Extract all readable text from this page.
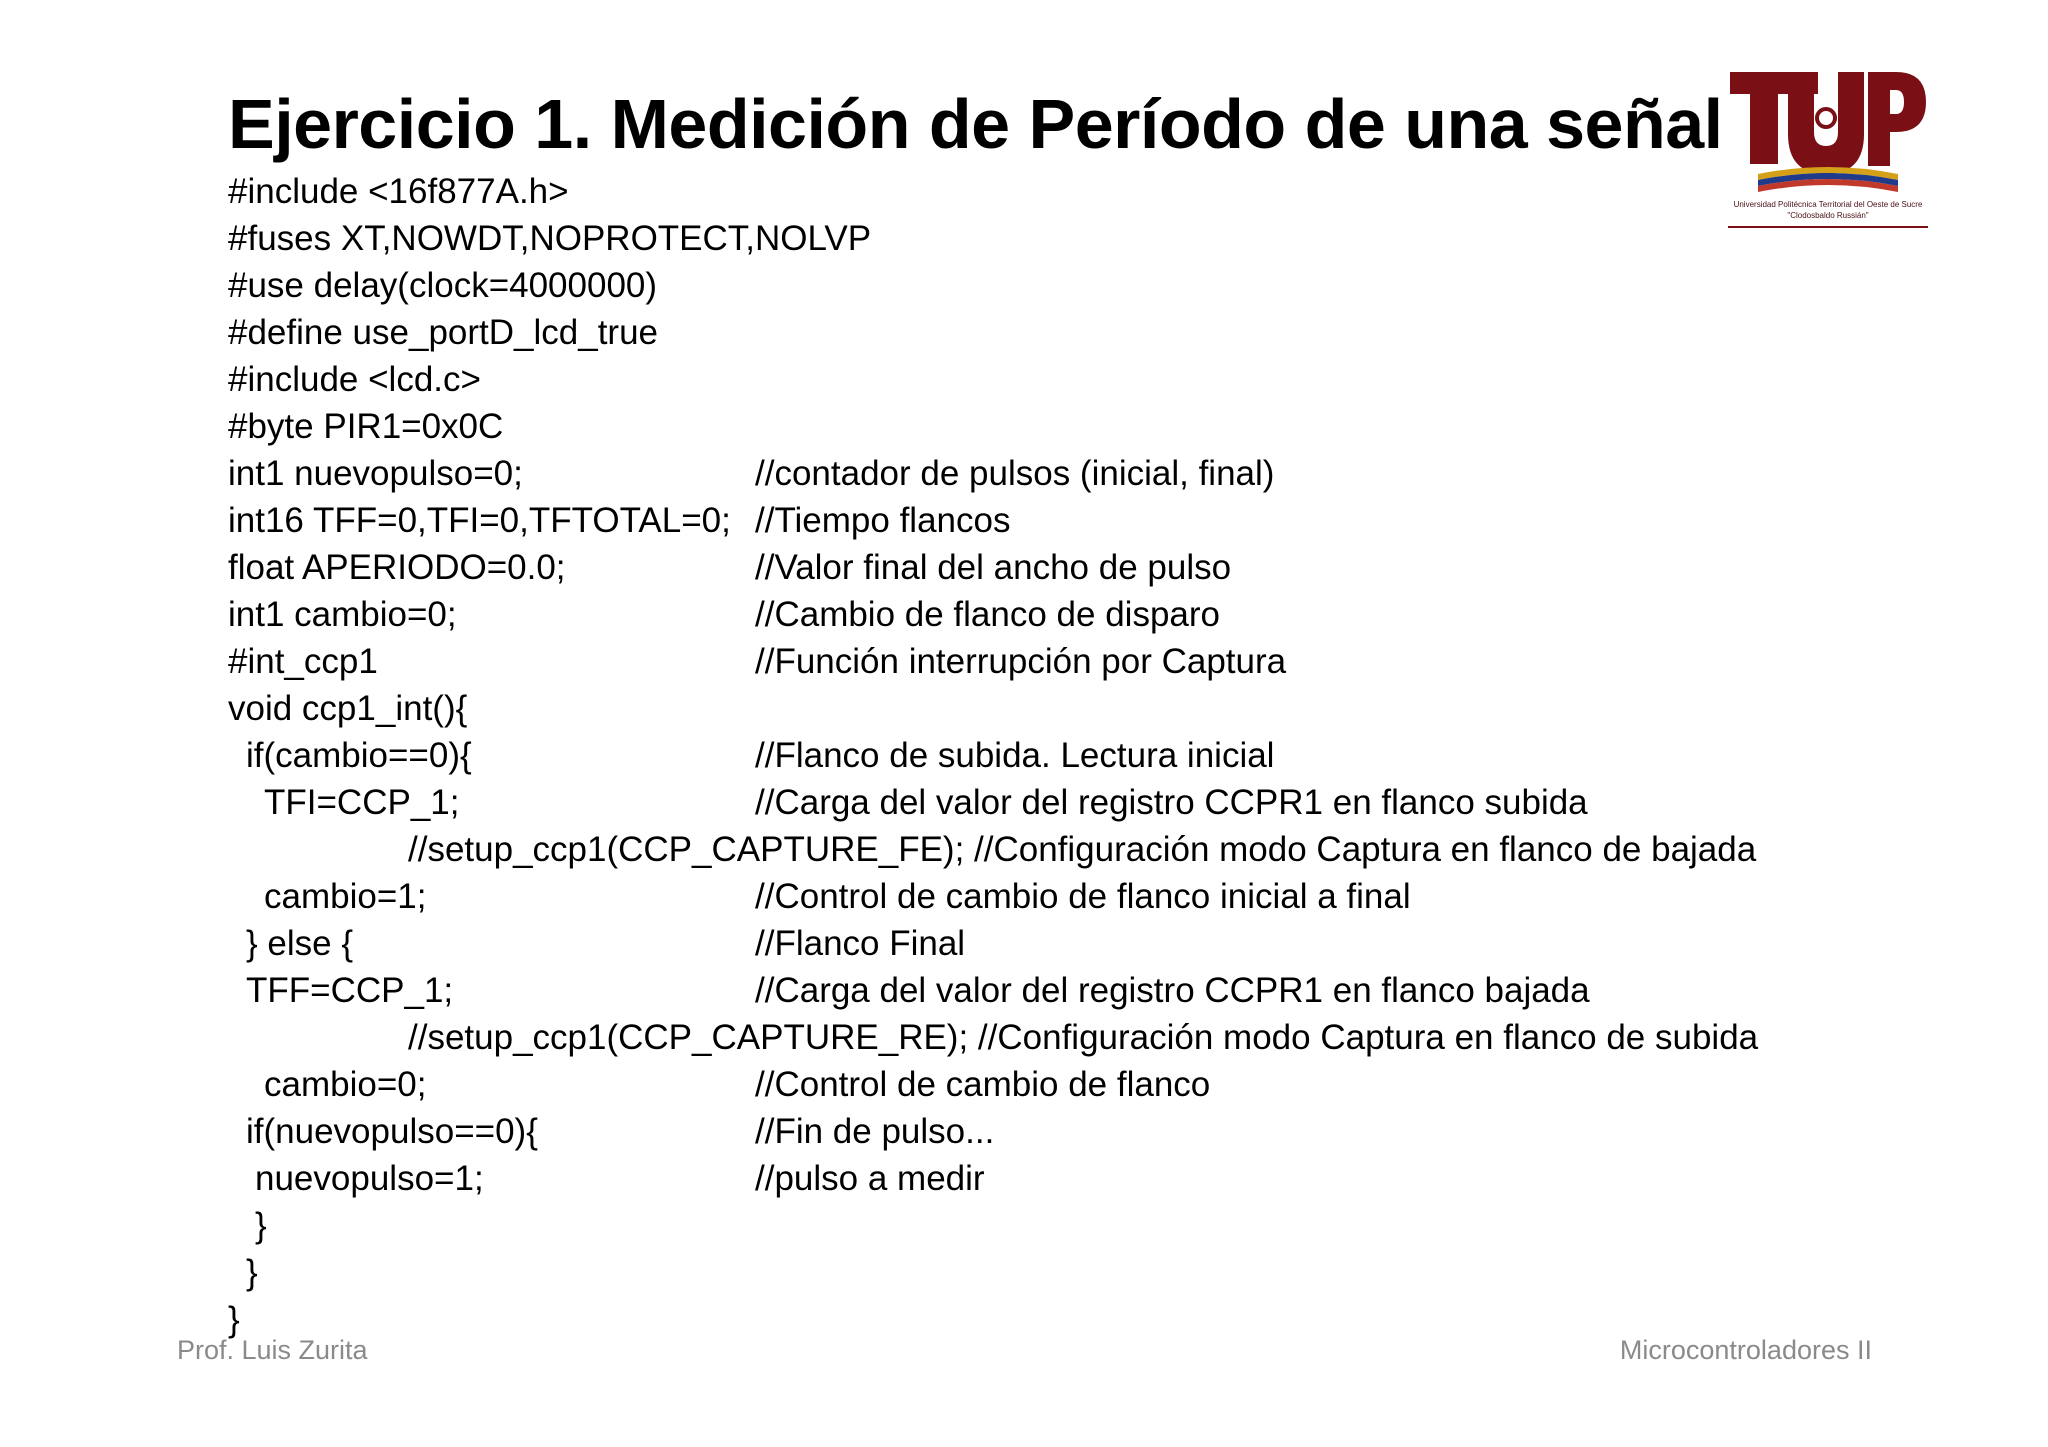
Ejercicio 1. Medición de Período de una señal
Universidad Politécnica Territorial del Oeste de Sucre
"Clodosbaldo Russián"
#include <16f877A.h>
#fuses XT,NOWDT,NOPROTECT,NOLVP
#use delay(clock=4000000)
#define use_portD_lcd_true
#include <lcd.c>
#byte PIR1=0x0C
int1 nuevopulso=0;	//contador de pulsos (inicial, final)
int16 TFF=0,TFI=0,TFTOTAL=0; //Tiempo flancos
float APERIODO=0.0;	//Valor final del ancho de pulso
int1 cambio=0;	//Cambio de flanco de disparo
#int_ccp1	//Función interrupción por Captura
void ccp1_int(){
if(cambio==0){	//Flanco de subida. Lectura inicial
TFI=CCP_1;	//Carga del valor del registro CCPR1 en flanco subida
//setup_ccp1(CCP_CAPTURE_FE); //Configuración modo Captura en flanco de bajada
cambio=1;	//Control de cambio de flanco inicial a final
} else {	//Flanco Final
TFF=CCP_1;	//Carga del valor del registro CCPR1 en flanco bajada
//setup_ccp1(CCP_CAPTURE_RE); //Configuración modo Captura en flanco de subida
cambio=0;	//Control de cambio de flanco
if(nuevopulso==0){	//Fin de pulso...
nuevopulso=1;	//pulso a medir
}
}
}
Prof. Luis Zurita	Microcontroladores II
